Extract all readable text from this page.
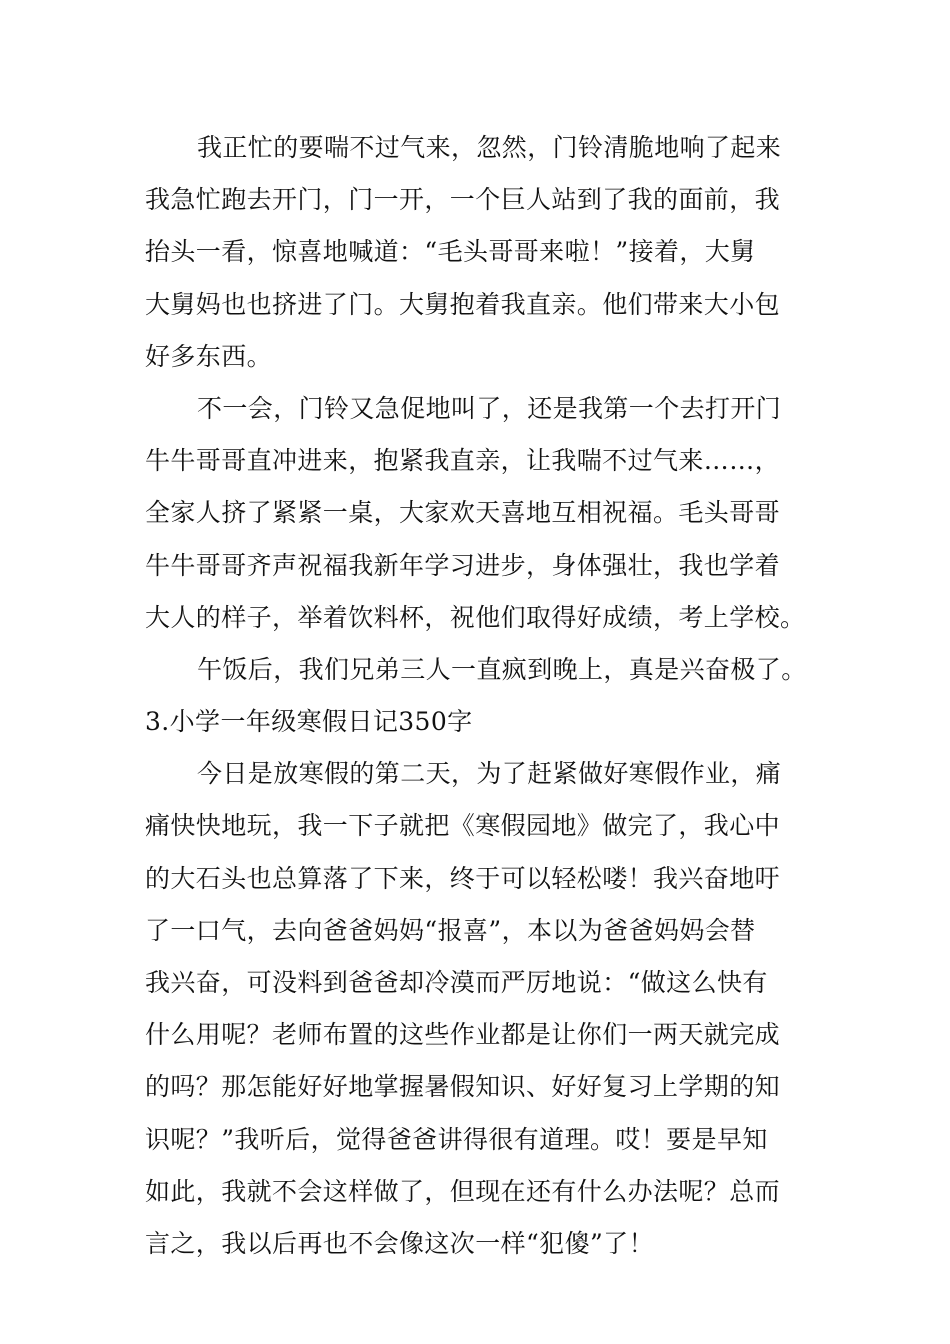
我正忙的要喘不过气来，忽然，门铃清脆地响了起来
我急忙跑去开门，门一开，一个巨人站到了我的面前，我
抬头一看，惊喜地喊道：“毛头哥哥来啦！”接着，大舅
大舅妈也也挤进了门。大舅抱着我直亲。他们带来大小包
好多东西。
不一会，门铃又急促地叫了，还是我第一个去打开门
牛牛哥哥直冲进来，抱紧我直亲，让我喘不过气来……，
全家人挤了紧紧一桌，大家欢天喜地互相祝福。毛头哥哥
牛牛哥哥齐声祝福我新年学习进步，身体强壮，我也学着
大人的样子，举着饮料杯，祝他们取得好成绩，考上学校。
午饭后，我们兄弟三人一直疯到晚上，真是兴奋极了。
3.小学一年级寒假日记350字
今日是放寒假的第二天，为了赶紧做好寒假作业，痛
痛快快地玩，我一下子就把《寒假园地》做完了，我心中
的大石头也总算落了下来，终于可以轻松喽！我兴奋地吁
了一口气，去向爸爸妈妈“报喜”，本以为爸爸妈妈会替
我兴奋，可没料到爸爸却冷漠而严厉地说：“做这么快有
什么用呢？老师布置的这些作业都是让你们一两天就完成
的吗？那怎能好好地掌握暑假知识、好好复习上学期的知
识呢？”我听后，觉得爸爸讲得很有道理。哎！要是早知
如此，我就不会这样做了，但现在还有什么办法呢？总而
言之，我以后再也不会像这次一样“犯傻”了！
